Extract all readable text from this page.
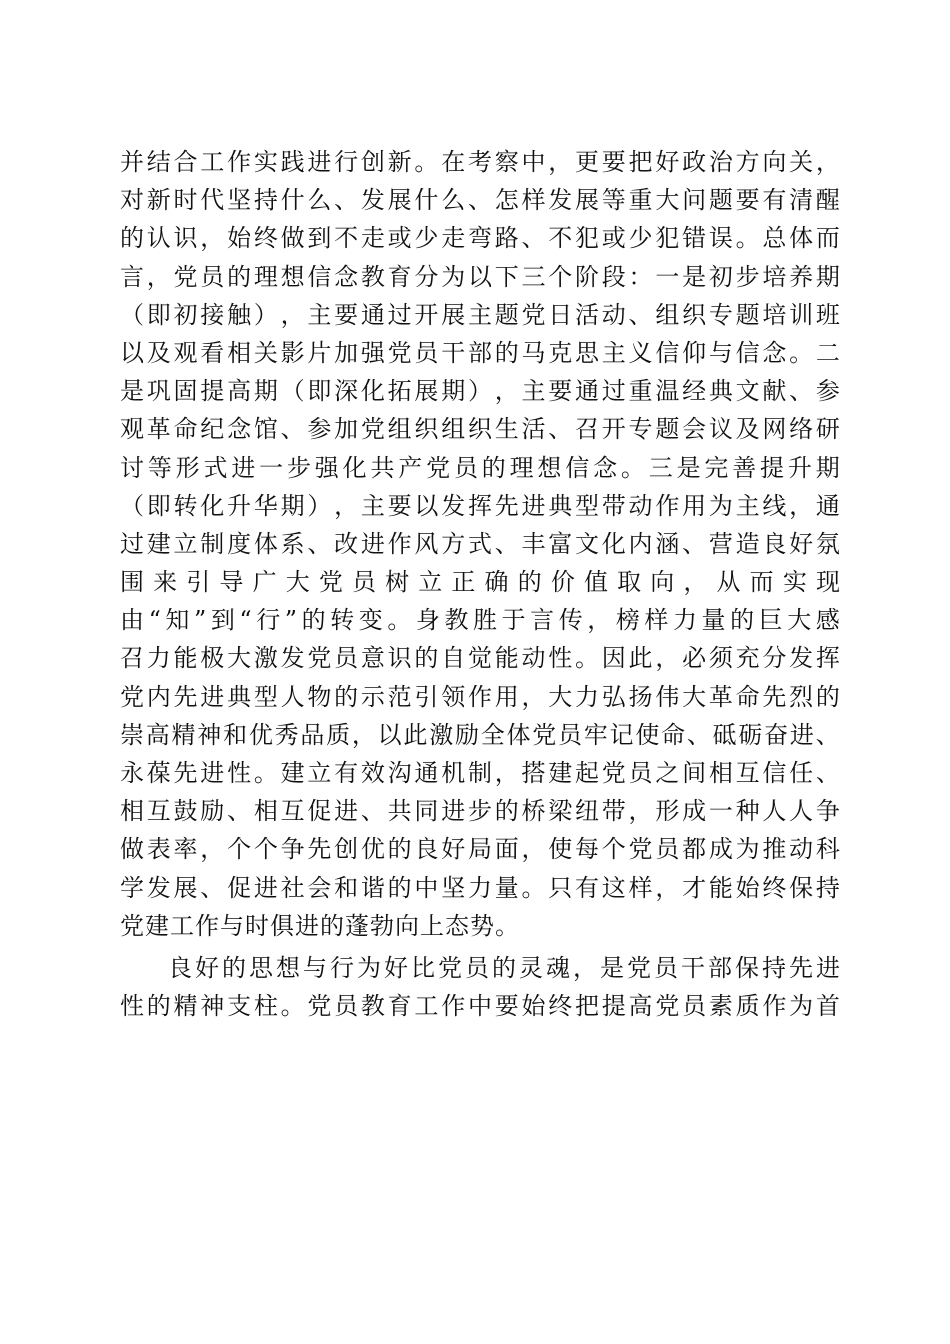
并 结 合 工 作 实 践 进 行 创 新 。 在 考 察 中 ， 更 要 把 好 政 治 方 向 关 ，
对 新 时 代 坚 持 什 么 、 发 展 什 么 、 怎 样 发 展 等 重 大 问 题 要 有 清 醒
的 认 识 ， 始 终 做 到 不 走 或 少 走 弯 路 、 不 犯 或 少 犯 错 误 。 总 体 而
言 ， 党 员 的 理 想 信 念 教 育 分 为 以 下 三 个 阶 段 ： 一 是 初 步 培 养 期
（ 即 初 接 触 ） ， 主 要 通 过 开 展 主 题 党 日 活 动 、 组 织 专 题 培 训 班
以 及 观 看 相 关 影 片 加 强 党 员 干 部 的 马 克 思 主 义 信 仰 与 信 念 。 二
是 巩 固 提 高 期 （ 即 深 化 拓 展 期 ） ， 主 要 通 过 重 温 经 典 文 献 、 参
观 革 命 纪 念 馆 、 参 加 党 组 织 组 织 生 活 、 召 开 专 题 会 议 及 网 络 研
讨 等 形 式 进 一 步 强 化 共 产 党 员 的 理 想 信 念 。 三 是 完 善 提 升 期
（ 即 转 化 升 华 期 ） ， 主 要 以 发 挥 先 进 典 型 带 动 作 用 为 主 线 ， 通
过 建 立 制 度 体 系 、 改 进 作 风 方 式 、 丰 富 文 化 内 涵 、 营 造 良 好 氛
围 来 引 导 广 大 党 员 树 立 正 确 的 价 值 取 向 ， 从 而 实 现
由 “ 知 ” 到 “ 行 ” 的 转 变 。 身 教 胜 于 言 传 ， 榜 样 力 量 的 巨 大 感
召 力 能 极 大 激 发 党 员 意 识 的 自 觉 能 动 性 。 因 此 ， 必 须 充 分 发 挥
党 内 先 进 典 型 人 物 的 示 范 引 领 作 用 ， 大 力 弘 扬 伟 大 革 命 先 烈 的
崇 高 精 神 和 优 秀 品 质 ， 以 此 激 励 全 体 党 员 牢 记 使 命 、 砥 砺 奋 进 、
永 葆 先 进 性 。 建 立 有 效 沟 通 机 制 ， 搭 建 起 党 员 之 间 相 互 信 任 、
相 互 鼓 励 、 相 互 促 进 、 共 同 进 步 的 桥 梁 纽 带 ， 形 成 一 种 人 人 争
做 表 率 ， 个 个 争 先 创 优 的 良 好 局 面 ， 使 每 个 党 员 都 成 为 推 动 科
学 发 展 、 促 进 社 会 和 谐 的 中 坚 力 量 。 只 有 这 样 ， 才 能 始 终 保 持
党建工作与时俱进的蓬勃向上态势。
良 好 的 思 想 与 行 为 好 比 党 员 的 灵 魂 ， 是 党 员 干 部 保 持 先 进
性 的 精 神 支 柱 。 党 员 教 育 工 作 中 要 始 终 把 提 高 党 员 素 质 作 为 首
